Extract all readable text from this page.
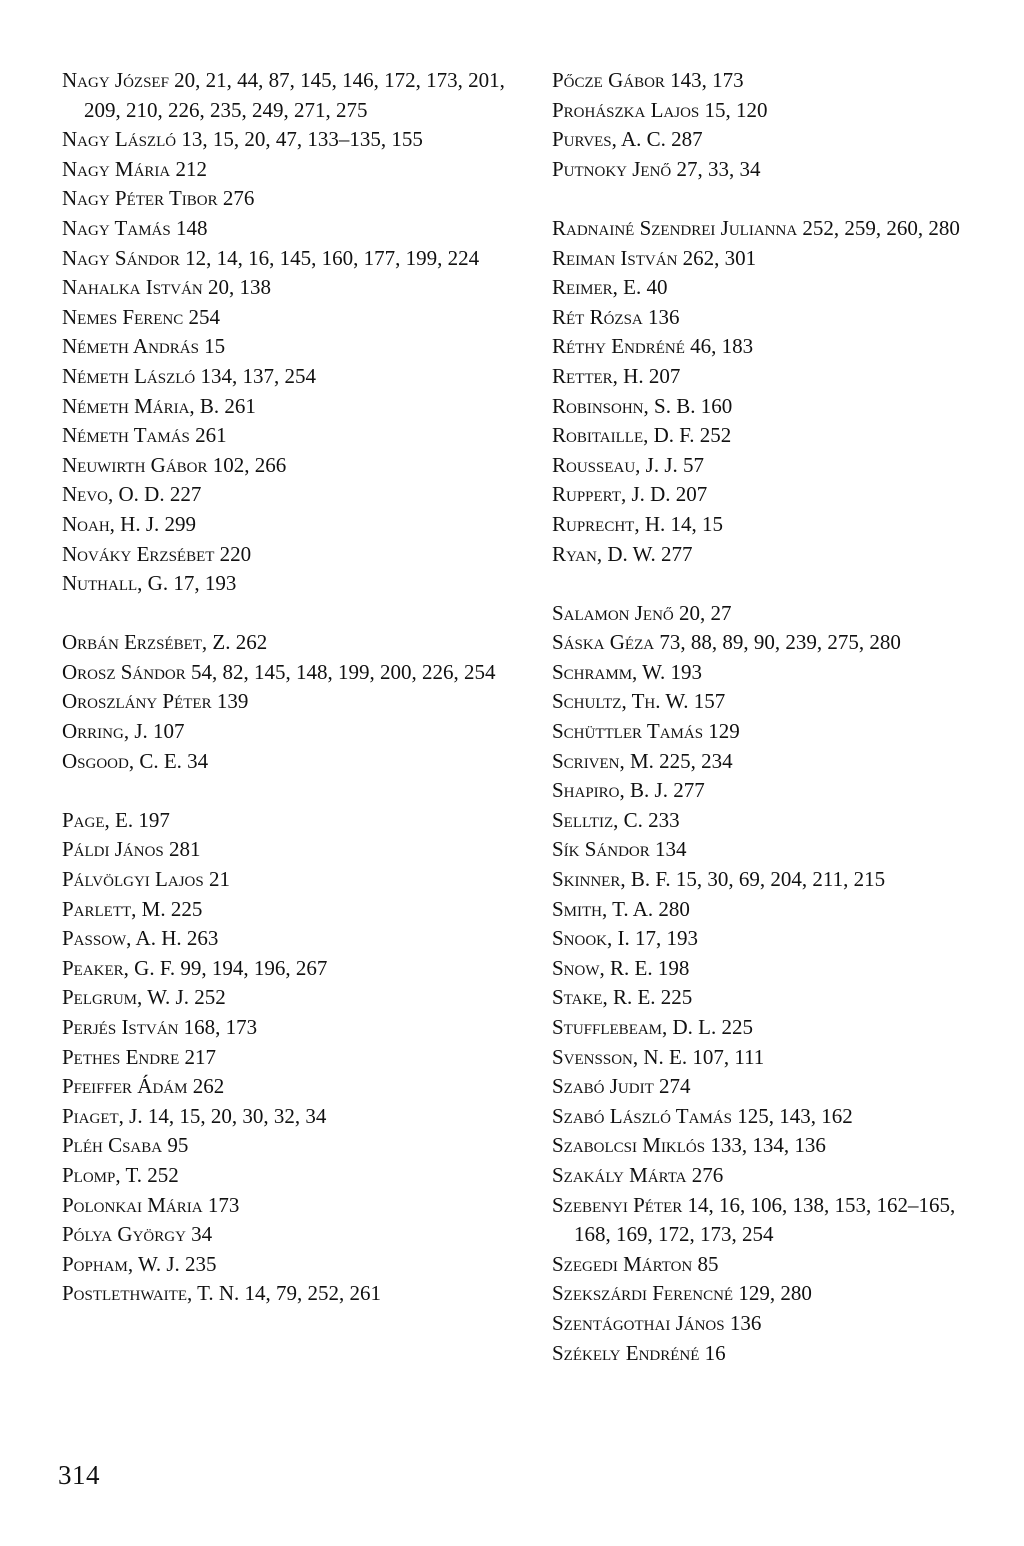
Nagy József 20, 21, 44, 87, 145, 146, 172, 173, 201, 209, 210, 226, 235, 249, 271, 275
Nagy László 13, 15, 20, 47, 133–135, 155
Nagy Mária 212
Nagy Péter Tibor 276
Nagy Tamás 148
Nagy Sándor 12, 14, 16, 145, 160, 177, 199, 224
Nahalka István 20, 138
Nemes Ferenc 254
Németh András 15
Németh László 134, 137, 254
Németh Mária, B. 261
Németh Tamás 261
Neuwirth Gábor 102, 266
Nevo, O. D. 227
Noah, H. J. 299
Nováky Erzsébet 220
Nuthall, G. 17, 193
Orbán Erzsébet, Z. 262
Orosz Sándor 54, 82, 145, 148, 199, 200, 226, 254
Oroszlány Péter 139
Orring, J. 107
Osgood, C. E. 34
Page, E. 197
Páldi János 281
Pálvölgyi Lajos 21
Parlett, M. 225
Passow, A. H. 263
Peaker, G. F. 99, 194, 196, 267
Pelgrum, W. J. 252
Perjés István 168, 173
Pethes Endre 217
Pfeiffer Ádám 262
Piaget, J. 14, 15, 20, 30, 32, 34
Pléh Csaba 95
Plomp, T. 252
Polonkai Mária 173
Pólya György 34
Popham, W. J. 235
Postlethwaite, T. N. 14, 79, 252, 261
Pőcze Gábor 143, 173
Prohászka Lajos 15, 120
Purves, A. C. 287
Putnoky Jenő 27, 33, 34
Radnainé Szendrei Julianna 252, 259, 260, 280
Reiman István 262, 301
Reimer, E. 40
Rét Rózsa 136
Réthy Endréné 46, 183
Retter, H. 207
Robinsohn, S. B. 160
Robitaille, D. F. 252
Rousseau, J. J. 57
Ruppert, J. D. 207
Ruprecht, H. 14, 15
Ryan, D. W. 277
Salamon Jenő 20, 27
Sáska Géza 73, 88, 89, 90, 239, 275, 280
Schramm, W. 193
Schultz, Th. W. 157
Schüttler Tamás 129
Scriven, M. 225, 234
Shapiro, B. J. 277
Selltiz, C. 233
Sík Sándor 134
Skinner, B. F. 15, 30, 69, 204, 211, 215
Smith, T. A. 280
Snook, I. 17, 193
Snow, R. E. 198
Stake, R. E. 225
Stufflebeam, D. L. 225
Svensson, N. E. 107, 111
Szabó Judit 274
Szabó László Tamás 125, 143, 162
Szabolcsi Miklós 133, 134, 136
Szakály Márta 276
Szebenyi Péter 14, 16, 106, 138, 153, 162–165, 168, 169, 172, 173, 254
Szegedi Márton 85
Szekszárdi Ferencné 129, 280
Szentágothai János 136
Székely Endréné 16
314
